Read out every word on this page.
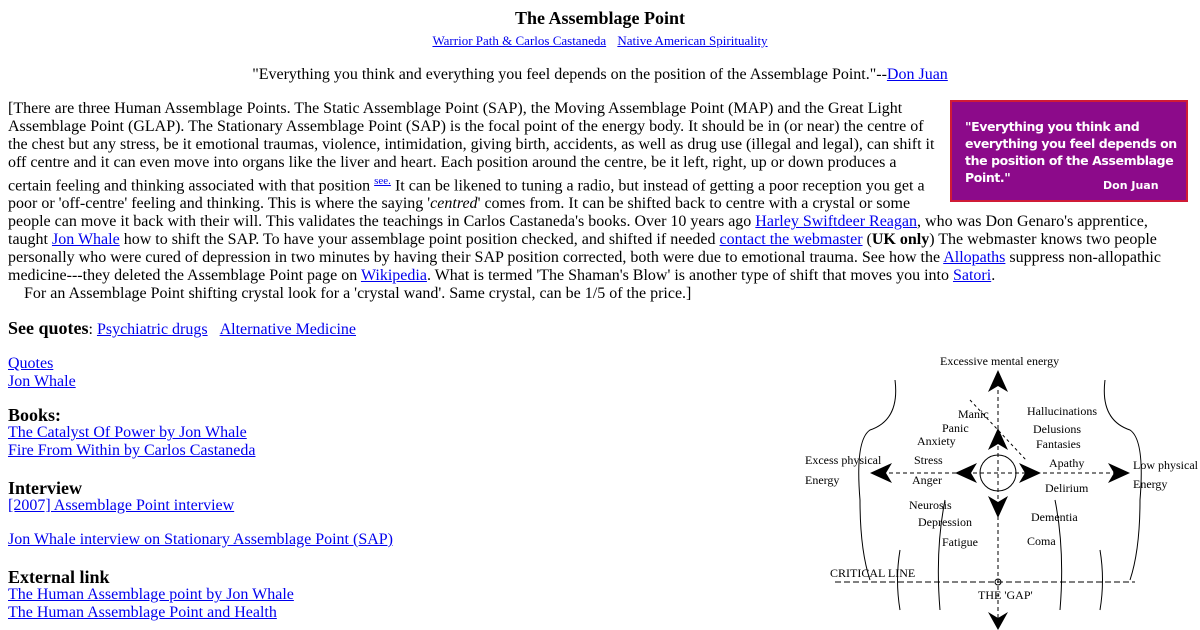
The Assemblage Point
Warrior Path & Carlos Castaneda Native American Spirituality
"Everything you think and everything you feel depends on the position of the Assemblage Point."--Don Juan
"Everything you think and everything you feel depends on the position of the Assemblage Point."
Don Juan

[There are three Human Assemblage Points. The Static Assemblage Point (SAP), the Moving Assemblage Point (MAP) and the Great Light Assemblage Point (GLAP). The Stationary Assemblage Point (SAP) is the focal point of the energy body. It should be in (or near) the centre of the chest but any stress, be it emotional traumas, violence, intimidation, giving birth, accidents, as well as drug use (illegal and legal), can shift it off centre and it can even move into organs like the liver and heart. Each position around the centre, be it left, right, up or down produces a certain feeling and thinking associated with that position $^{see.}$ It can be likened to tuning a radio, but instead of getting a poor reception you get a poor or 'off-centre' feeling and thinking. This is where the saying 'centred' comes from. It can be shifted back to centre with a crystal or some people can move it back with their will. This validates the teachings in Carlos Castaneda's books. Over 10 years ago Harley Swiftdeer Reagan, who was Don Genaro's apprentice, taught Jon Whale how to shift the SAP. To have your assemblage point position checked, and shifted if needed contact the webmaster (UK only) The webmaster knows two people personally who were cured of depression in two minutes by having their SAP position corrected, both were due to emotional trauma. See how the Allopaths suppress non-allopathic medicine---they deleted the Assemblage Point page on Wikipedia. What is termed 'The Shaman's Blow' is another type of shift that moves you into Satori.
For an Assemblage Point shifting crystal look for a 'crystal wand'. Same crystal, can be 1/5 of the price.]

See quotes: Psychiatric drugs Alternative Medicine
Quotes
Jon Whale
Books:
The Catalyst Of Power by Jon Whale
Fire From Within by Carlos Castaneda
Interview
[2007] Assemblage Point interview
Jon Whale interview on Stationary Assemblage Point (SAP)
External link
The Human Assemblage point by Jon Whale
The Human Assemblage Point and Health
Excessive mental energy
Excess physical
Energy
Low physical
Energy
CRITICAL LINE
THE 'GAP'
Manic
Panic
Anxiety
Stress
Anger
Neurosis
Depression
Fatigue
Hallucinations
Delusions
Fantasies
Apathy
Delirium
Dementia
Coma
